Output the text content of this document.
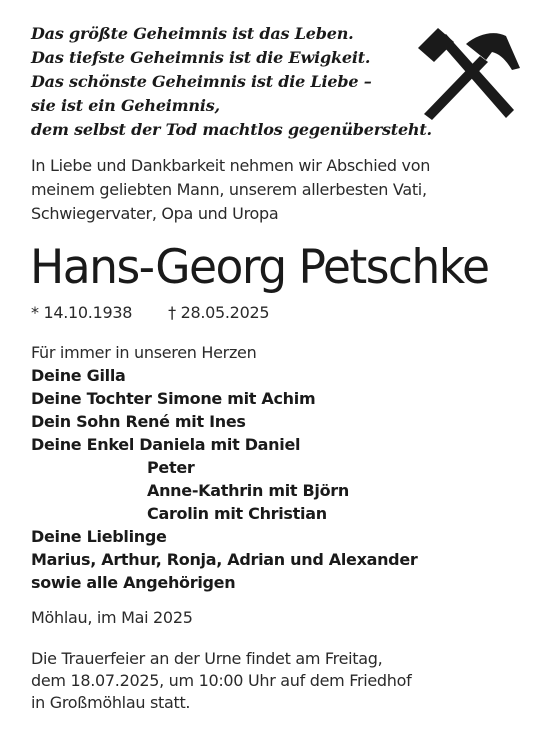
Das größte Geheimnis ist das Leben.
Das tiefste Geheimnis ist die Ewigkeit.
Das schönste Geheimnis ist die Liebe –
sie ist ein Geheimnis,
dem selbst der Tod machtlos gegenübersteht.
In Liebe und Dankbarkeit nehmen wir Abschied von
meinem geliebten Mann, unserem allerbesten Vati,
Schwiegervater, Opa und Uropa
Hans-Georg Petschke
* 14.10.1938 † 28.05.2025
Für immer in unseren Herzen
Deine Gilla
Deine Tochter Simone mit Achim
Dein Sohn René mit Ines
Deine Enkel Daniela mit Daniel
Peter
Anne-Kathrin mit Björn
Carolin mit Christian
Deine Lieblinge
Marius, Arthur, Ronja, Adrian und Alexander
sowie alle Angehörigen
Möhlau, im Mai 2025
Die Trauerfeier an der Urne findet am Freitag,
dem 18.07.2025, um 10:00 Uhr auf dem Friedhof
in Großmöhlau statt.
